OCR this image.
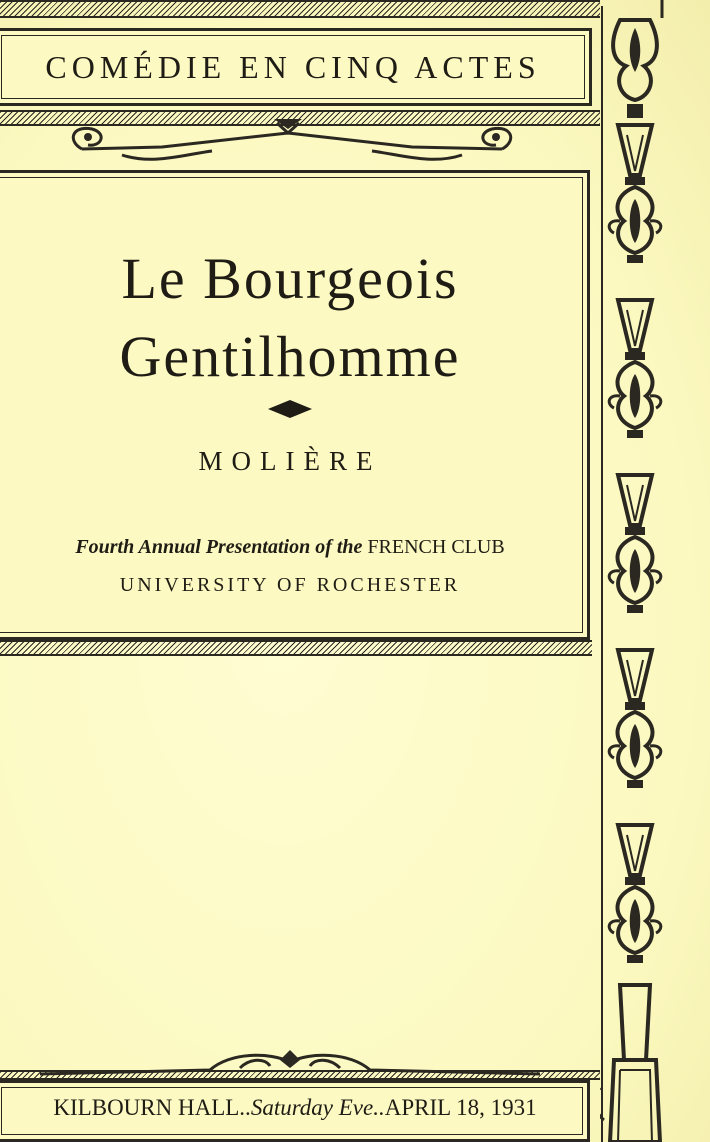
COMÉDIE EN CINQ ACTES
Le Bourgeois
Gentilhomme
MOLIÈRE
Fourth Annual Presentation of the FRENCH CLUB
UNIVERSITY OF ROCHESTER
KILBOURN HALL..Saturday Eve..APRIL 18, 1931
